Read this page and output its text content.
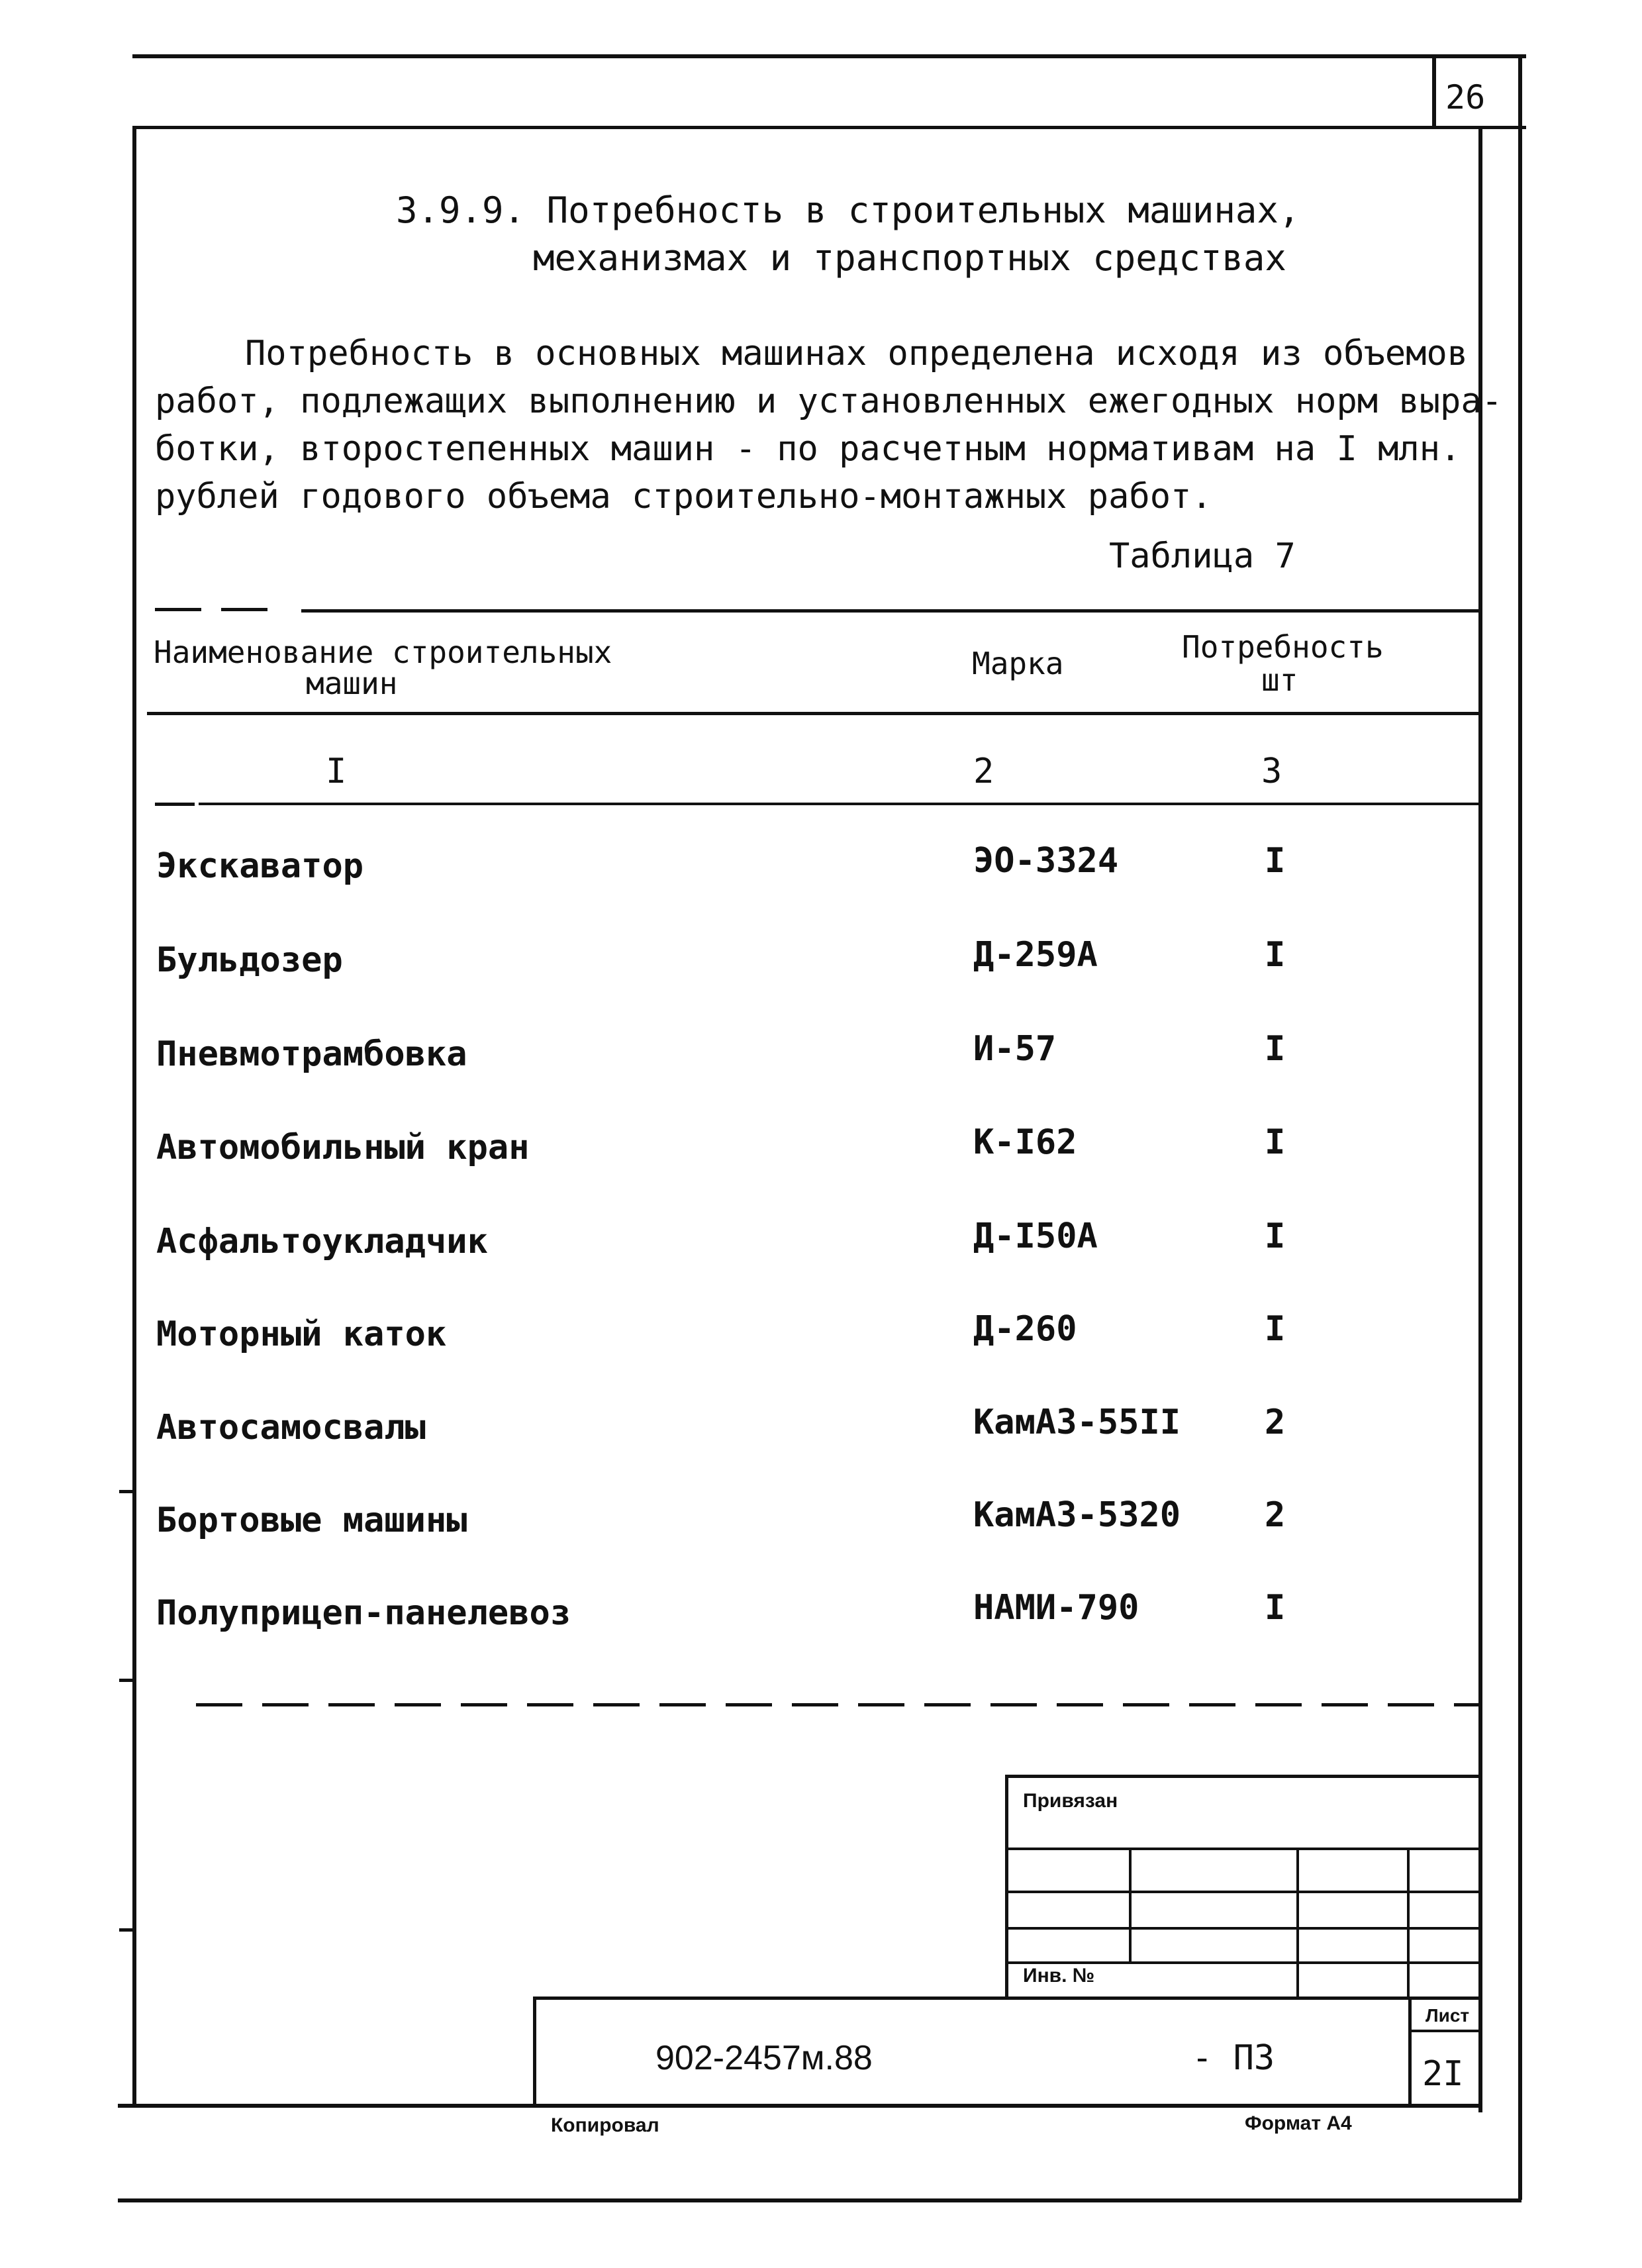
26
3.9.9. Потребность в строительных машинах,
механизмах и транспортных средствах
Потребность в основных машинах определена исходя из объемов
работ, подлежащих выполнению и установленных ежегодных норм выра-
ботки, второстепенных машин - по расчетным нормативам на I млн.
рублей годового объема строительно-монтажных работ.
Таблица 7
Наименование строительных
машин
Марка	Потребность
шт
I	2	3
Экскаватор	ЭО-3324	I
Бульдозер	Д-259А	I
Пневмотрамбовка	И-57	I
Автомобильный кран	К-I62	I
Асфальтоукладчик	Д-I50А	I
Моторный каток	Д-260	I
Автосамосвалы	КамАЗ-55II 2
Бортовые машины	КамАЗ-5320 2
Полуприцеп-панелевоз	НАМИ-790	I
Привязан
Инв. №
Лист
2I
902-2457м.88	- ПЗ
Копировал	Формат А4
